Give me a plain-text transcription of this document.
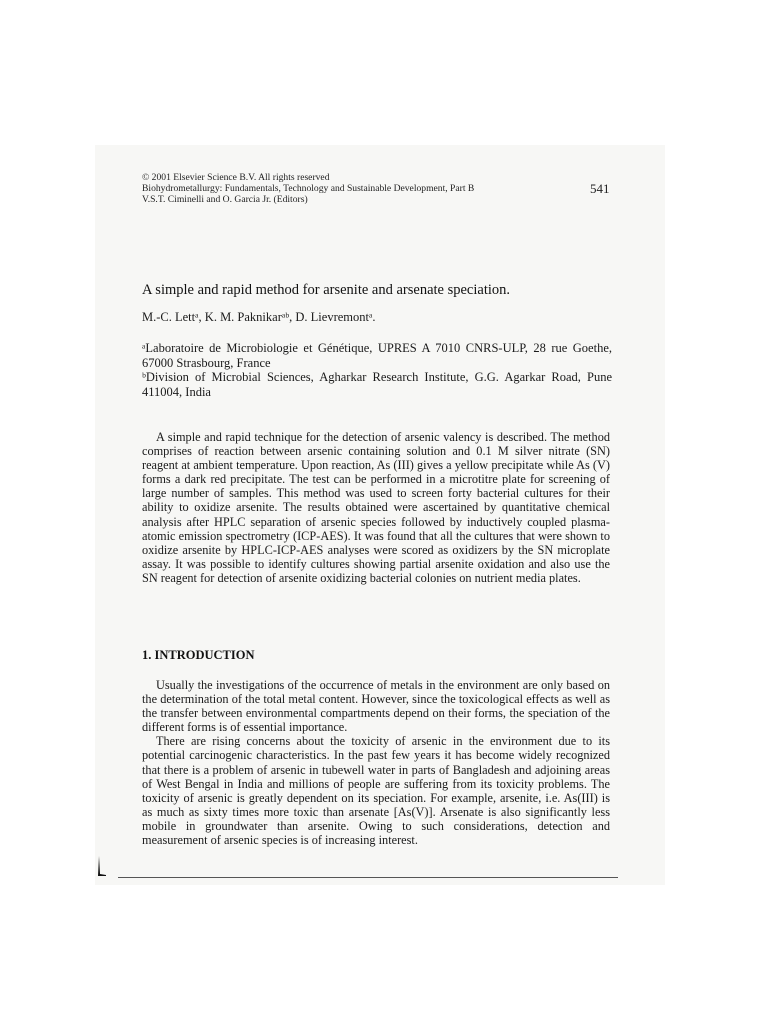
© 2001 Elsevier Science B.V. All rights reserved
Biohydrometallurgy: Fundamentals, Technology and Sustainable Development, Part B
V.S.T. Ciminelli and O. Garcia Jr. (Editors)
541
A simple and rapid method for arsenite and arsenate speciation.
M.-C. Lettᵃ, K. M. Paknikarᵃᵇ, D. Lievremontᵃ.
ᵃLaboratoire de Microbiologie et Génétique, UPRES A 7010 CNRS-ULP, 28 rue Goethe, 67000 Strasbourg, France
ᵇDivision of Microbial Sciences, Agharkar Research Institute, G.G. Agarkar Road, Pune 411004, India

A simple and rapid technique for the detection of arsenic valency is described. The method comprises of reaction between arsenic containing solution and 0.1 M silver nitrate (SN) reagent at ambient temperature. Upon reaction, As (III) gives a yellow precipitate while As (V) forms a dark red precipitate. The test can be performed in a microtitre plate for screening of large number of samples. This method was used to screen forty bacterial cultures for their ability to oxidize arsenite. The results obtained were ascertained by quantitative chemical analysis after HPLC separation of arsenic species followed by inductively coupled plasma-atomic emission spectrometry (ICP-AES). It was found that all the cultures that were shown to oxidize arsenite by HPLC-ICP-AES analyses were scored as oxidizers by the SN microplate assay. It was possible to identify cultures showing partial arsenite oxidation and also use the SN reagent for detection of arsenite oxidizing bacterial colonies on nutrient media plates.

1. INTRODUCTION

Usually the investigations of the occurrence of metals in the environment are only based on the determination of the total metal content. However, since the toxicological effects as well as the transfer between environmental compartments depend on their forms, the speciation of the different forms is of essential importance.

There are rising concerns about the toxicity of arsenic in the environment due to its potential carcinogenic characteristics. In the past few years it has become widely recognized that there is a problem of arsenic in tubewell water in parts of Bangladesh and adjoining areas of West Bengal in India and millions of people are suffering from its toxicity problems. The toxicity of arsenic is greatly dependent on its speciation. For example, arsenite, i.e. As(III) is as much as sixty times more toxic than arsenate [As(V)]. Arsenate is also significantly less mobile in groundwater than arsenite. Owing to such considerations, detection and measurement of arsenic species is of increasing interest.
